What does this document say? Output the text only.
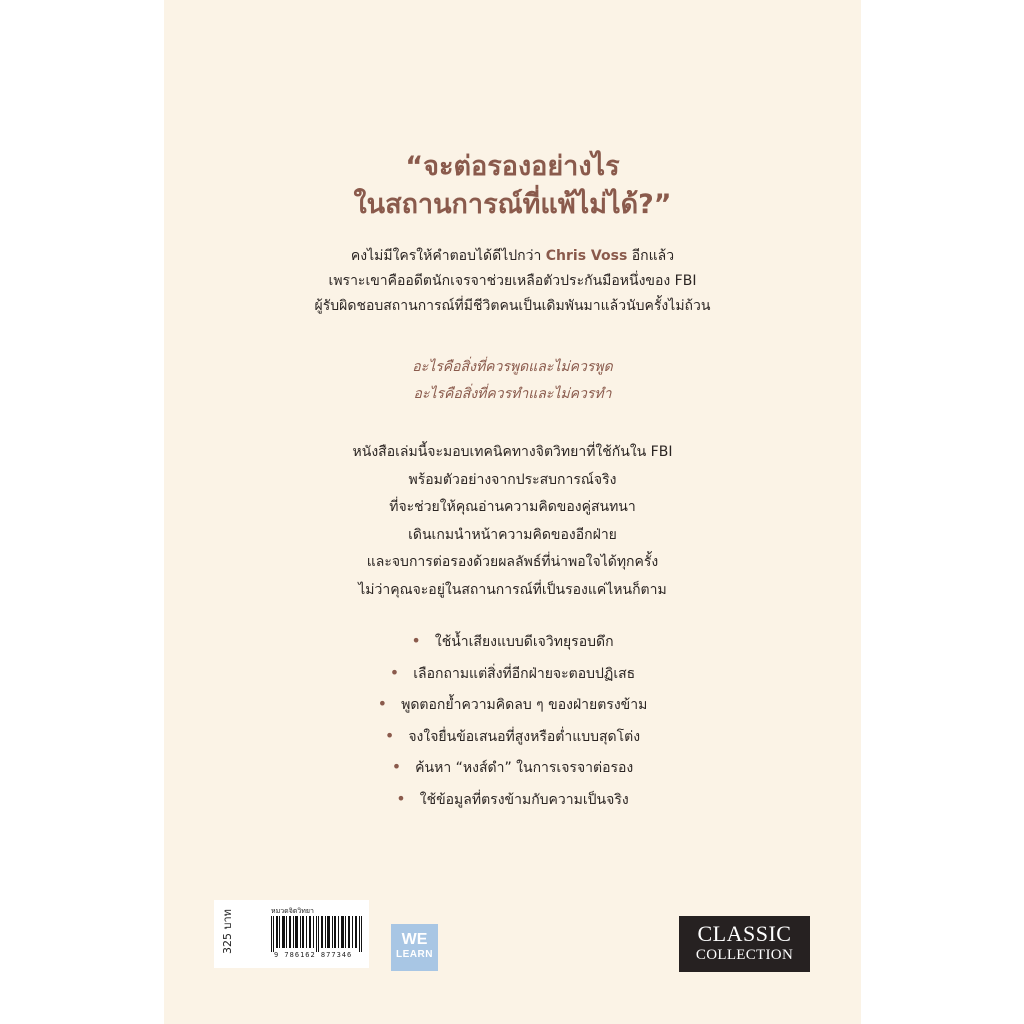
“จะต่อรองอย่างไร
ในสถานการณ์ที่แพ้ไม่ได้?”
คงไม่มีใครให้คำตอบได้ดีไปกว่า Chris Voss อีกแล้ว
เพราะเขาคืออดีตนักเจรจาช่วยเหลือตัวประกันมือหนึ่งของ FBI
ผู้รับผิดชอบสถานการณ์ที่มีชีวิตคนเป็นเดิมพันมาแล้วนับครั้งไม่ถ้วน
อะไรคือสิ่งที่ควรพูดและไม่ควรพูด
อะไรคือสิ่งที่ควรทำและไม่ควรทำ
หนังสือเล่มนี้จะมอบเทคนิคทางจิตวิทยาที่ใช้กันใน FBI
พร้อมตัวอย่างจากประสบการณ์จริง
ที่จะช่วยให้คุณอ่านความคิดของคู่สนทนา
เดินเกมนำหน้าความคิดของอีกฝ่าย
และจบการต่อรองด้วยผลลัพธ์ที่น่าพอใจได้ทุกครั้ง
ไม่ว่าคุณจะอยู่ในสถานการณ์ที่เป็นรองแค่ไหนก็ตาม
• ใช้น้ำเสียงแบบดีเจวิทยุรอบดึก
• เลือกถามแต่สิ่งที่อีกฝ่ายจะตอบปฏิเสธ
• พูดตอกย้ำความคิดลบ ๆ ของฝ่ายตรงข้าม
• จงใจยื่นข้อเสนอที่สูงหรือต่ำแบบสุดโต่ง
• ค้นหา “หงส์ดำ” ในการเจรจาต่อรอง
• ใช้ข้อมูลที่ตรงข้ามกับความเป็นจริง
หมวดจิตวิทยา
9 786162 877346
325 บาท	WE
LEARN
CLASSIC
COLLECTION
